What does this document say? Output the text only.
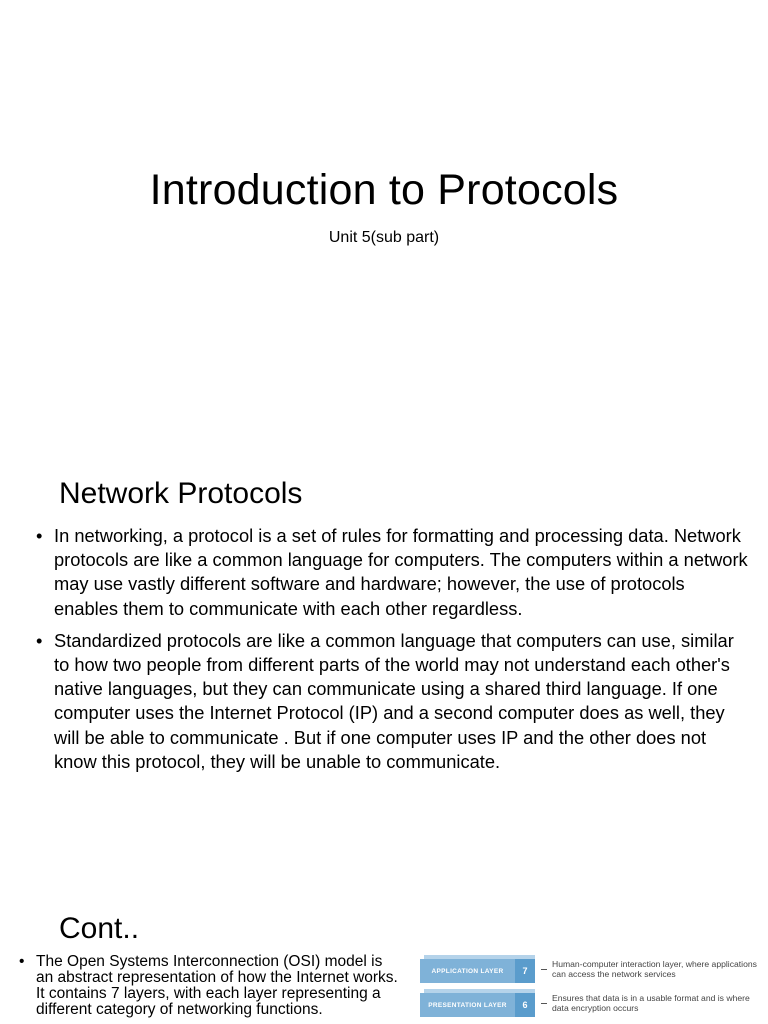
Introduction to Protocols

Unit 5(sub part)

Network Protocols
• In networking, a protocol is a set of rules for formatting and processing data. Network protocols are like a common language for computers. The computers within a network may use vastly different software and hardware; however, the use of protocols enables them to communicate with each other regardless.
• Standardized protocols are like a common language that computers can use, similar to how two people from different parts of the world may not understand each other's native languages, but they can communicate using a shared third language. If one computer uses the Internet Protocol (IP) and a second computer does as well, they will be able to communicate . But if one computer uses IP and the other does not know this protocol, they will be unable to communicate.
Cont..
• The Open Systems Interconnection (OSI) model is an abstract representation of how the Internet works. It contains 7 layers, with each layer representing a different category of networking functions.
APPLICATION LAYER	7
Human-computer interaction layer, where applications can access the network services
PRESENTATION LAYER	6
Ensures that data is in a usable format and is where data encryption occurs
